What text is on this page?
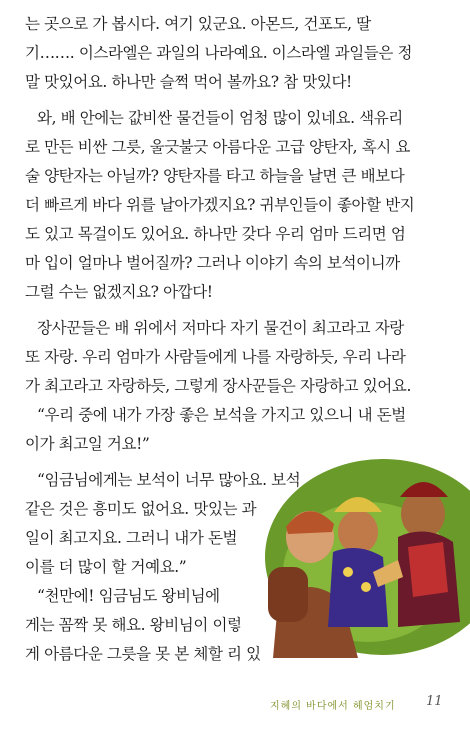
는 곳으로 가 봅시다. 여기 있군요. 아몬드, 건포도, 딸
기……. 이스라엘은 과일의 나라예요. 이스라엘 과일들은 정
말 맛있어요. 하나만 슬쩍 먹어 볼까요? 참 맛있다!
와, 배 안에는 값비싼 물건들이 엄청 많이 있네요. 색유리
로 만든 비싼 그릇, 울긋불긋 아름다운 고급 양탄자, 혹시 요
술 양탄자는 아닐까? 양탄자를 타고 하늘을 날면 큰 배보다
더 빠르게 바다 위를 날아가겠지요? 귀부인들이 좋아할 반지
도 있고 목걸이도 있어요. 하나만 갖다 우리 엄마 드리면 엄
마 입이 얼마나 벌어질까? 그러나 이야기 속의 보석이니까
그럴 수는 없겠지요? 아깝다!
장사꾼들은 배 위에서 저마다 자기 물건이 최고라고 자랑
또 자랑. 우리 엄마가 사람들에게 나를 자랑하듯, 우리 나라
가 최고라고 자랑하듯, 그렇게 장사꾼들은 자랑하고 있어요.
“우리 중에 내가 가장 좋은 보석을 가지고 있으니 내 돈벌
이가 최고일 거요!”
“임금님에게는 보석이 너무 많아요. 보석
같은 것은 흥미도 없어요. 맛있는 과
일이 최고지요. 그러니 내가 돈벌
이를 더 많이 할 거예요.”
“천만에! 임금님도 왕비님에
게는 꼼짝 못 해요. 왕비님이 이렇
게 아름다운 그릇을 못 본 체할 리 있
지혜의 바다에서 헤엄치기 11
